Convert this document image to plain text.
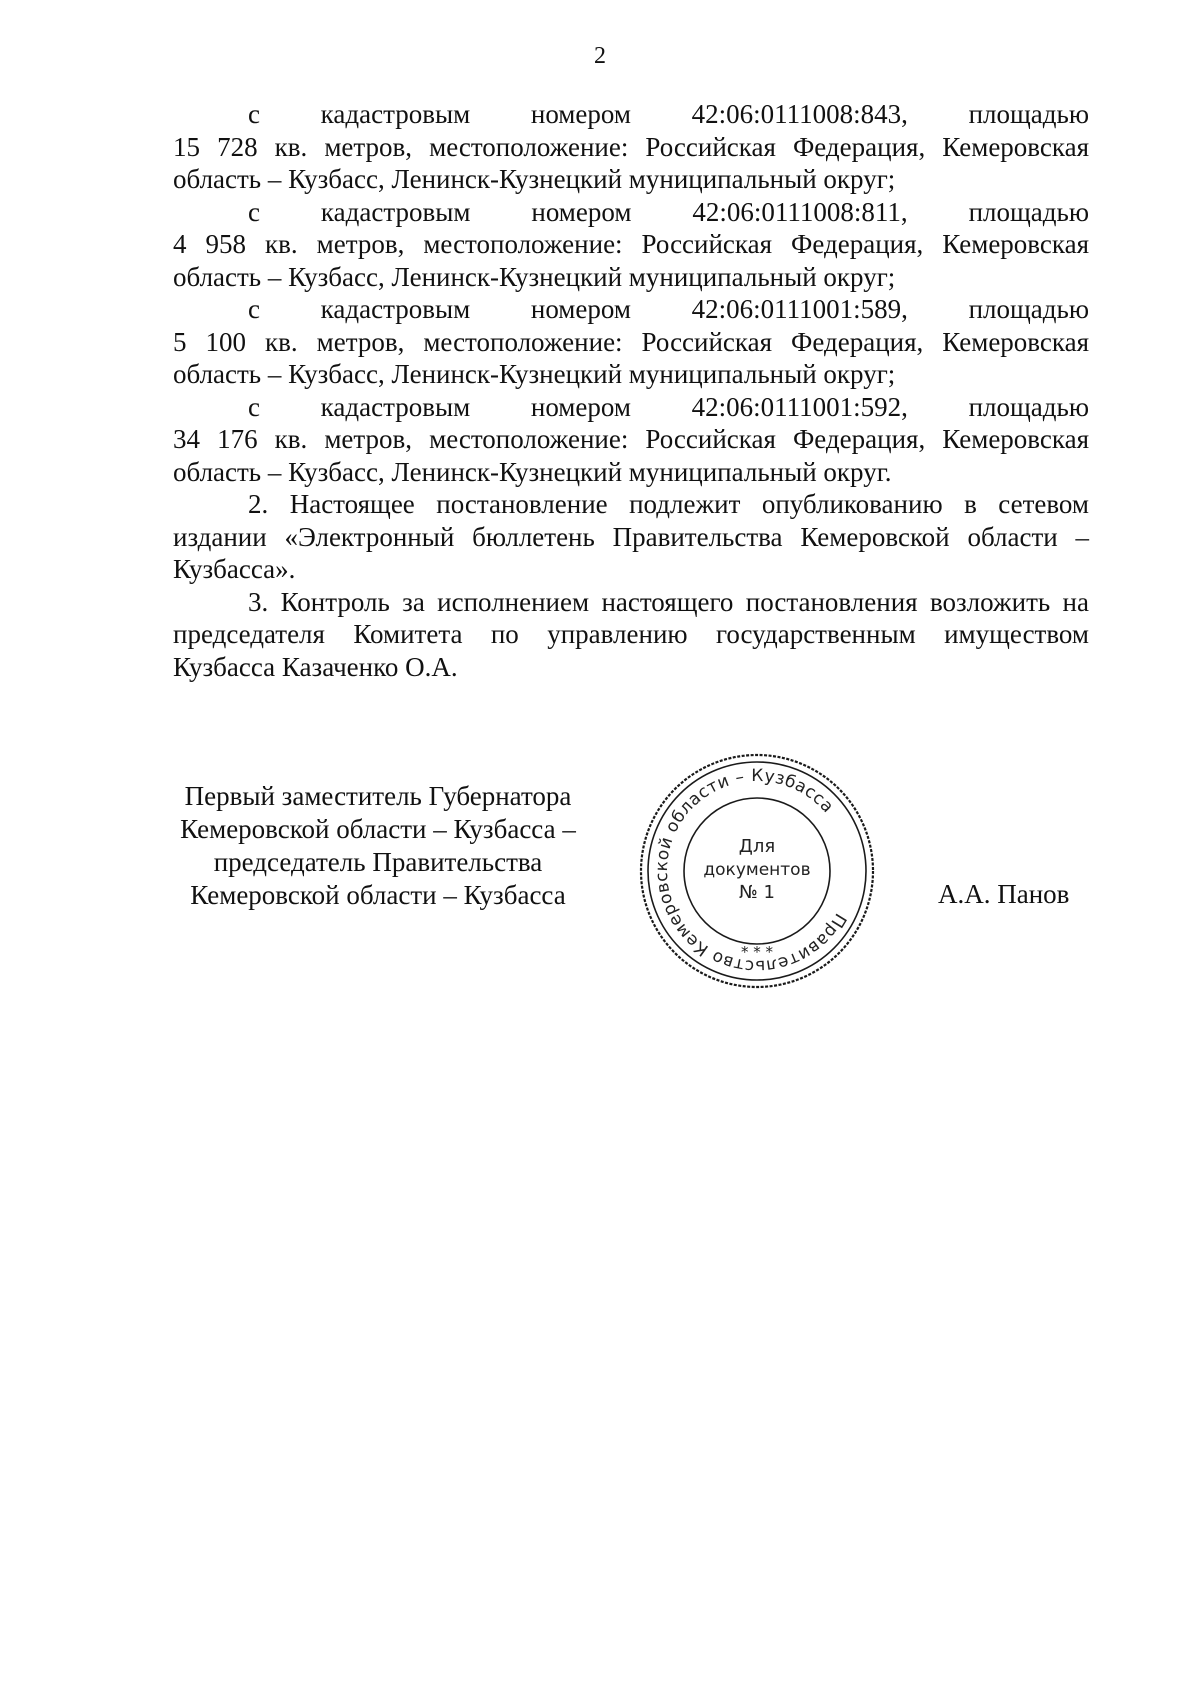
2

с кадастровым номером 42:06:0111008:843, площадью
15 728 кв. метров, местоположение: Российская Федерация, Кемеровская область – Кузбасс, Ленинск-Кузнецкий муниципальный округ;

с кадастровым номером 42:06:0111008:811, площадью
4 958 кв. метров, местоположение: Российская Федерация, Кемеровская область – Кузбасс, Ленинск-Кузнецкий муниципальный округ;

с кадастровым номером 42:06:0111001:589, площадью
5 100 кв. метров, местоположение: Российская Федерация, Кемеровская область – Кузбасс, Ленинск-Кузнецкий муниципальный округ;

с кадастровым номером 42:06:0111001:592, площадью
34 176 кв. метров, местоположение: Российская Федерация, Кемеровская область – Кузбасс, Ленинск-Кузнецкий муниципальный округ.

2. Настоящее постановление подлежит опубликованию в сетевом издании «Электронный бюллетень Правительства Кемеровской области – Кузбасса».

3. Контроль за исполнением настоящего постановления возложить на председателя Комитета по управлению государственным имуществом Кузбасса Казаченко О.А.

Первый заместитель Губернатора
Кемеровской области – Кузбасса –
председатель Правительства
Кемеровской области – Кузбасса
Правительство Кемеровской области – Кузбасса
* * *
Для
документов
№ 1	А.А. Панов
